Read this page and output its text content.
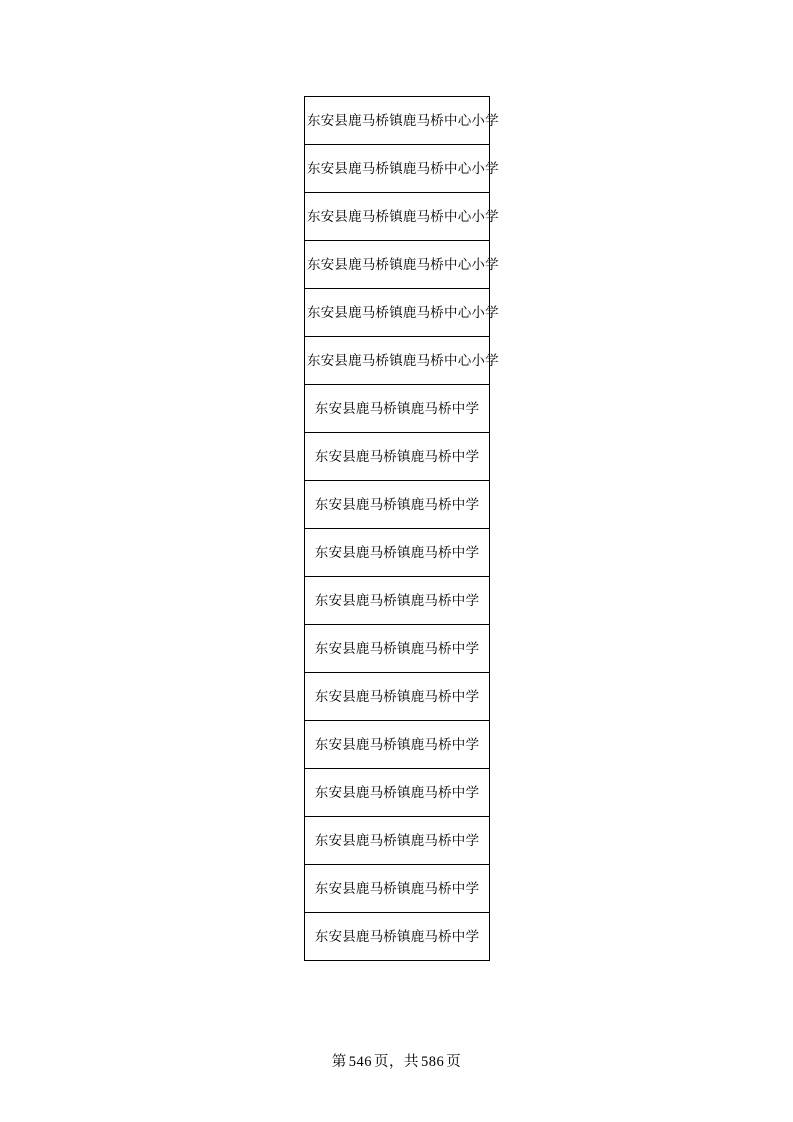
东安县鹿马桥镇鹿马桥中心小学
东安县鹿马桥镇鹿马桥中心小学
东安县鹿马桥镇鹿马桥中心小学
东安县鹿马桥镇鹿马桥中心小学
东安县鹿马桥镇鹿马桥中心小学
东安县鹿马桥镇鹿马桥中心小学
东安县鹿马桥镇鹿马桥中学
东安县鹿马桥镇鹿马桥中学
东安县鹿马桥镇鹿马桥中学
东安县鹿马桥镇鹿马桥中学
东安县鹿马桥镇鹿马桥中学
东安县鹿马桥镇鹿马桥中学
东安县鹿马桥镇鹿马桥中学
东安县鹿马桥镇鹿马桥中学
东安县鹿马桥镇鹿马桥中学
东安县鹿马桥镇鹿马桥中学
东安县鹿马桥镇鹿马桥中学
东安县鹿马桥镇鹿马桥中学
第 546 页，共 586 页
